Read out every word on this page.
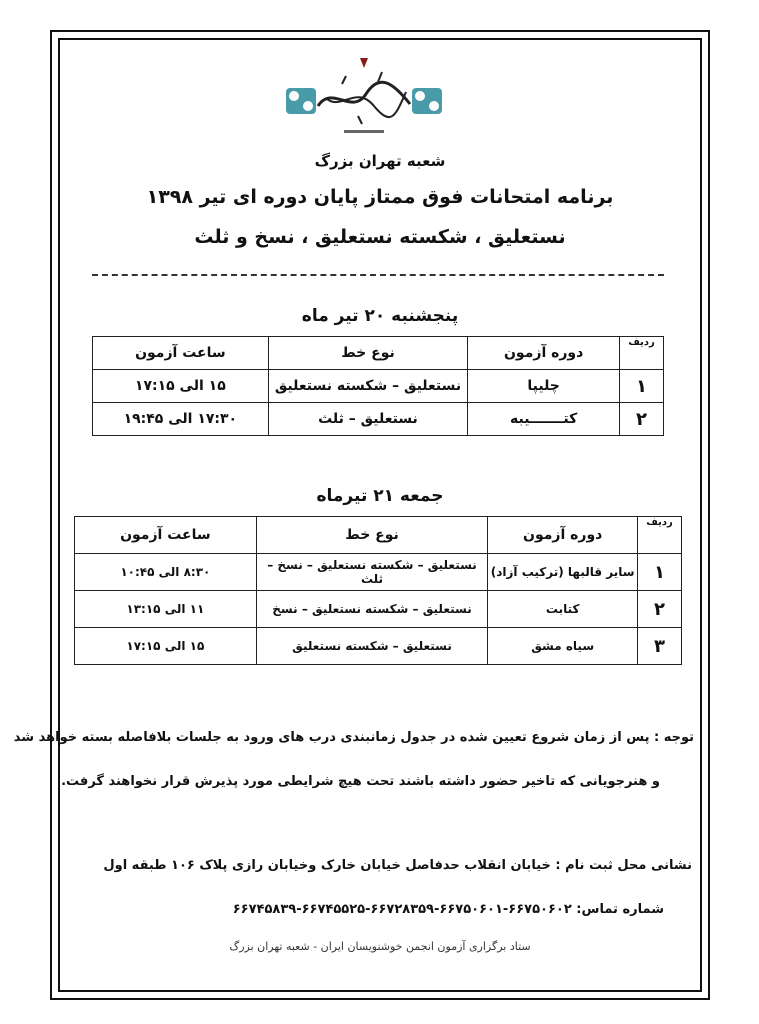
شعبه تهران بزرگ
برنامه امتحانات فوق ممتاز پایان دوره ای تیر ۱۳۹۸
نستعلیق ، شکسته نستعلیق ، نسخ و ثلث
پنجشنبه ۲۰ تیر ماه
ردیف	دوره آزمون	نوع خط	ساعت آزمون
۱	چلیپا	نستعلیق – شکسته نستعلیق	۱۵ الی ۱۷:۱۵
۲	کتـــــــیبه	نستعلیق – ثلث	۱۷:۳۰ الی ۱۹:۴۵
جمعه ۲۱ تیرماه
ردیف	دوره آزمون	نوع خط	ساعت آزمون
۱	سایر قالبها (ترکیب آزاد)	نستعلیق – شکسته نستعلیق – نسخ – ثلث	۸:۳۰ الی ۱۰:۴۵
۲	کتابت	نستعلیق – شکسته نستعلیق – نسخ	۱۱ الی ۱۳:۱۵
۳	سیاه مشق	نستعلیق – شکسته نستعلیق	۱۵ الی ۱۷:۱۵
توجه : پس از زمان شروع تعیین شده در جدول زمانبندی درب های ورود به جلسات بلافاصله بسته خواهد شد
و هنرجویانی که تاخیر حضور داشته باشند تحت هیچ شرایطی مورد پذیرش قرار نخواهند گرفت.
نشانی محل ثبت نام : خیابان انقلاب حدفاصل خیابان خارک وخیابان رازی پلاک ۱۰۶ طبقه اول
شماره تماس: ۶۶۷۵۰۶۰۲-۶۶۷۵۰۶۰۱-۶۶۷۲۸۳۵۹-۶۶۷۴۵۵۲۵-۶۶۷۴۵۸۳۹
ستاد برگزاری آزمون انجمن خوشنویسان ایران - شعبه تهران بزرگ
